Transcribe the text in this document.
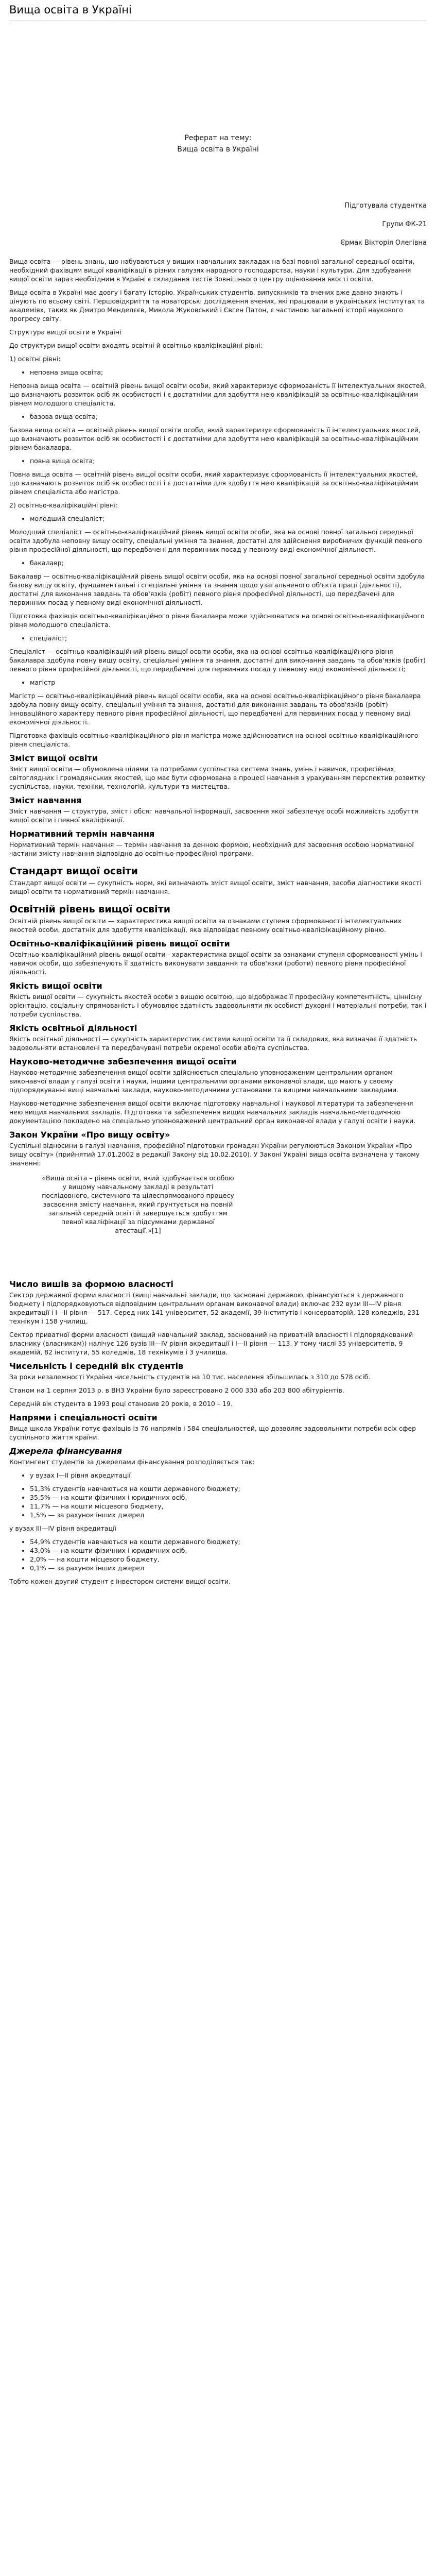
Вища освіта в Україні

Реферат на тему:

Вища освіта в Україні

Підготувала студентка

Групи ФК-21

Єрмак Вікторія Олегівна

Вища освіта — рівень знань, що набуваються у вищих навчальних закладах на базі повної загальної середньої освіти, необхідний фахівцям вищої кваліфікації в різних галузях народного господарства, науки і культури. Для здобування вищої освіти зараз необхідним в Україні є складання тестів Зовнішнього центру оцінювання якості освіти.

Вища освіта в Україні має довгу і багату історію. Українських студентів, випускників та вчених вже давно знають і цінують по всьому світі. Першовідкриття та новаторські дослідження вчених, які працювали в українських інститутах та академіях, таких як Дмитро Менделєєв, Микола Жуковський і Євген Патон, є частиною загальної історії наукового прогресу світу.

Структура вищої освіти в Україні

До структури вищої освіти входять освітні й освітньо-кваліфікаційні рівні:

1) освітні рівні:

• неповна вища освіта;

Неповна вища освіта — освітній рівень вищої освіти особи, який характеризує сформованість її інтелектуальних якостей, що визначають розвиток осіб як особистості і є достатніми для здобуття нею кваліфікацій за освітньо-кваліфікаційним рівнем молодшого спеціаліста.

• базова вища освіта;

Базова вища освіта — освітній рівень вищої освіти особи, який характеризує сформованість її інтелектуальних якостей, що визначають розвиток осіб як особистості і є достатніми для здобуття нею кваліфікацій за освітньо-кваліфікаційним рівнем бакалавра.

• повна вища освіта;

Повна вища освіта — освітній рівень вищої освіти особи, який характеризує сформованість її інтелектуальних якостей, що визначають розвиток осіб як особистості і є достатніми для здобуття нею кваліфікацій за освітньо-кваліфікаційним рівнем спеціаліста або магістра.

2) освітньо-кваліфікаційні рівні:

• молодший спеціаліст;

Молодший спеціаліст — освітньо-кваліфікаційний рівень вищої освіти особи, яка на основі повної загальної середньої освіти здобула неповну вищу освіту, спеціальні уміння та знання, достатні для здійснення виробничих функцій певного рівня професійної діяльності, що передбачені для первинних посад у певному виді економічної діяльності.

• бакалавр;

Бакалавр — освітньо-кваліфікаційний рівень вищої освіти особи, яка на основі повної загальної середньої освіти здобула базову вищу освіту, фундаментальні і спеціальні уміння та знання щодо узагальненого об'єкта праці (діяльності), достатні для виконання завдань та обов'язків (робіт) певного рівня професійної діяльності, що передбачені для первинних посад у певному виді економічної діяльності.

Підготовка фахівців освітньо-кваліфікаційного рівня бакалавра може здійснюватися на основі освітньо-кваліфікаційного рівня молодшого спеціаліста.

• спеціаліст;

Спеціаліст — освітньо-кваліфікаційний рівень вищої освіти особи, яка на основі освітньо-кваліфікаційного рівня бакалавра здобула повну вищу освіту, спеціальні уміння та знання, достатні для виконання завдань та обов'язків (робіт) певного рівня професійної діяльності, що передбачені для первинних посад у певному виді економічної діяльності;

• магістр

Магістр — освітньо-кваліфікаційний рівень вищої освіти особи, яка на основі освітньо-кваліфікаційного рівня бакалавра здобула повну вищу освіту, спеціальні уміння та знання, достатні для виконання завдань та обов'язків (робіт) інноваційного характеру певного рівня професійної діяльності, що передбачені для первинних посад у певному виді економічної діяльності.

Підготовка фахівців освітньо-кваліфікаційного рівня магістра може здійснюватися на основі освітньо-кваліфікаційного рівня спеціаліста.

Зміст вищої освіти

Зміст вищої освіти — обумовлена цілями та потребами суспільства система знань, умінь і навичок, професійних, світоглядних і громадянських якостей, що має бути сформована в процесі навчання з урахуванням перспектив розвитку суспільства, науки, техніки, технологій, культури та мистецтва.

Зміст навчання

Зміст навчання — структура, зміст і обсяг навчальної інформації, засвоєння якої забезпечує особі можливість здобуття вищої освіти і певної кваліфікації.

Нормативний термін навчання

Нормативний термін навчання — термін навчання за денною формою, необхідний для засвоєння особою нормативної частини змісту навчання відповідно до освітньо-професійної програми.

Стандарт вищої освіти

Стандарт вищої освіти — сукупність норм, які визначають зміст вищої освіти, зміст навчання, засоби діагностики якості вищої освіти та нормативний термін навчання.

Освітній рівень вищої освіти

Освітній рівень вищої освіти — характеристика вищої освіти за ознаками ступеня сформованості інтелектуальних якостей особи, достатніх для здобуття кваліфікації, яка відповідає певному освітньо-кваліфікаційному рівню.

Освітньо-кваліфікаційний рівень вищої освіти

Освітньо-кваліфікаційний рівень вищої освіти - характеристика вищої освіти за ознаками ступеня сформованості умінь і навичок особи, що забезпечують її здатність виконувати завдання та обов'язки (роботи) певного рівня професійної діяльності.

Якість вищої освіти

Якість вищої освіти — сукупність якостей особи з вищою освітою, що відображає її професійну компетентність, ціннісну орієнтацію, соціальну спрямованість і обумовлює здатність задовольняти як особисті духовні і матеріальні потреби, так і потреби суспільства.

Якість освітньої діяльності

Якість освітньої діяльності — сукупність характеристик системи вищої освіти та її складових, яка визначає її здатність задовольняти встановлені та передбачувані потреби окремої особи або/та суспільства.

Науково-методичне забезпечення вищої освіти

Науково-методичне забезпечення вищої освіти здійснюється спеціально уповноваженим центральним органом виконавчої влади у галузі освіти і науки, іншими центральними органами виконавчої влади, що мають у своєму підпорядкуванні вищі навчальні заклади, науково-методичними установами та вищими навчальними закладами.

Науково-методичне забезпечення вищої освіти включає підготовку навчальної і наукової літератури та забезпечення нею вищих навчальних закладів. Підготовка та забезпечення вищих навчальних закладів навчально-методичною документацією покладено на спеціально уповноважений центральний орган виконавчої влади у галузі освіти і науки.

Закон України «Про вищу освіту»

Суспільні відносини в галузі навчання, професійної підготовки громадян України регулюються Законом України «Про вищу освіту» (прийнятий 17.01.2002 в редакції Закону від 10.02.2010). У Законі Україні вища освіта визначена у такому значенні:

«Вища освіта – рівень освіти, який здобувається особою у вищому навчальному закладі в результаті послідовного, системного та цілеспрямованого процесу засвоєння змісту навчання, який ґрунтується на повній загальній середній освіті й завершується здобуттям певної кваліфікації за підсумками державної атестації.»[1]
Число вишів за формою власності

Сектор державної форми власності (вищі навчальні заклади, що засновані державою, фінансуються з державного бюджету і підпорядковуються відповідним центральним органам виконавчої влади) включає 232 вузи III—IV рівня акредитації і I—II рівня — 517. Серед них 141 університет, 52 академії, 39 інститутів і консерваторій, 128 коледжів, 231 технікум і 158 училищ.

Сектор приватної форми власності (вищий навчальний заклад, заснований на приватній власності і підпорядкований власнику (власникам)) налічує 126 вузів III—IV рівня акредитації і I—II рівня — 113. У тому числі 35 університетів, 9 академій, 82 інститути, 55 коледжів, 18 технікумів і 3 училища.

Чисельність і середній вік студентів

За роки незалежності України чисельність студентів на 10 тис. населення збільшилась з 310 до 578 осіб.

Станом на 1 серпня 2013 р. в ВНЗ України було зареєстровано 2 000 330 або 203 800 абітурієнтів.

Середній вік студента в 1993 році становив 20 років, в 2010 – 19.

Напрями і спеціальності освіти

Вища школа України готує фахівців із 76 напрямів і 584 спеціальностей, що дозволяє задовольнити потреби всіх сфер суспільного життя країни.

Джерела фінансування

Контингент студентів за джерелами фінансування розподіляється так:

• у вузах I—II рівня акредитації
• 51,3% студентів навчаються на кошти державного бюджету;
• 35,5% — на кошти фізичних і юридичних осіб,
• 11,7% — на кошти місцевого бюджету,
• 1,5% — за рахунок інших джерел

у вузах III—IV рівня акредитації

• 54,9% студентів навчаються на кошти державного бюджету;
• 43,0% — на кошти фізичних і юридичних осіб,
• 2,0% — на кошти місцевого бюджету,
• 0,1% — за рахунок інших джерел

Тобто кожен другий студент є інвестором системи вищої освіти.
